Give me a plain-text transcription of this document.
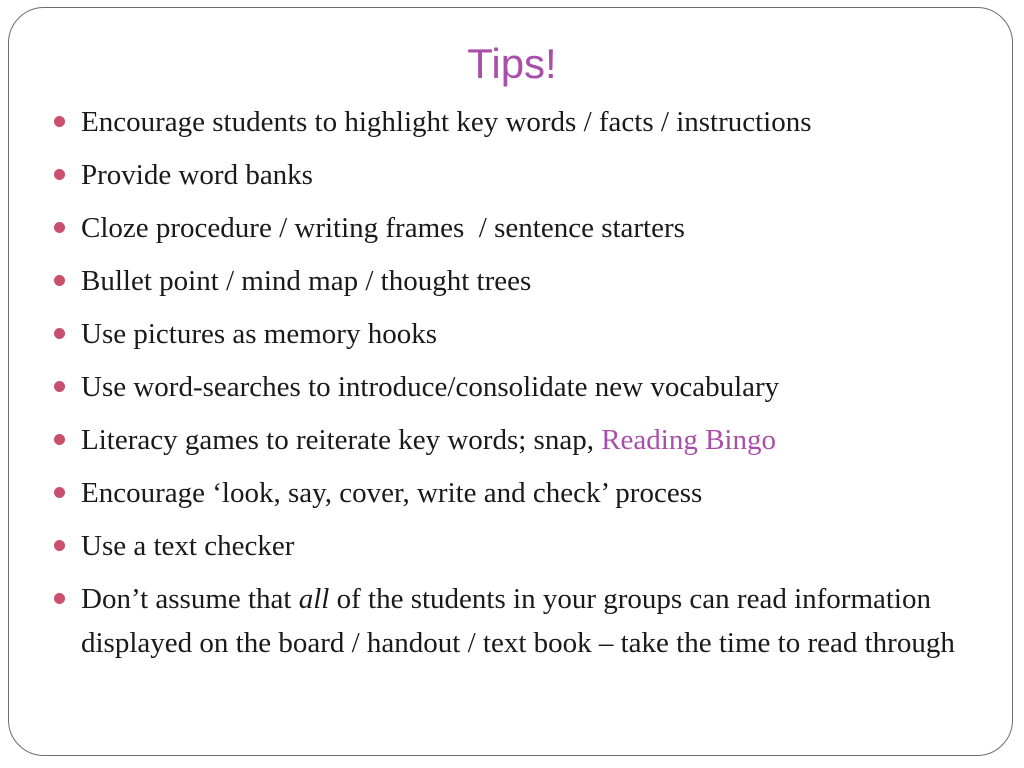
Tips!
Encourage students to highlight key words / facts / instructions
Provide word banks
Cloze procedure / writing frames  / sentence starters
Bullet point / mind map / thought trees
Use pictures as memory hooks
Use word-searches to introduce/consolidate new vocabulary
Literacy games to reiterate key words; snap, Reading Bingo
Encourage ‘look, say, cover, write and check’ process
Use a text checker
Don’t assume that all of the students in your groups can read information displayed on the board / handout / text book – take the time to read through
